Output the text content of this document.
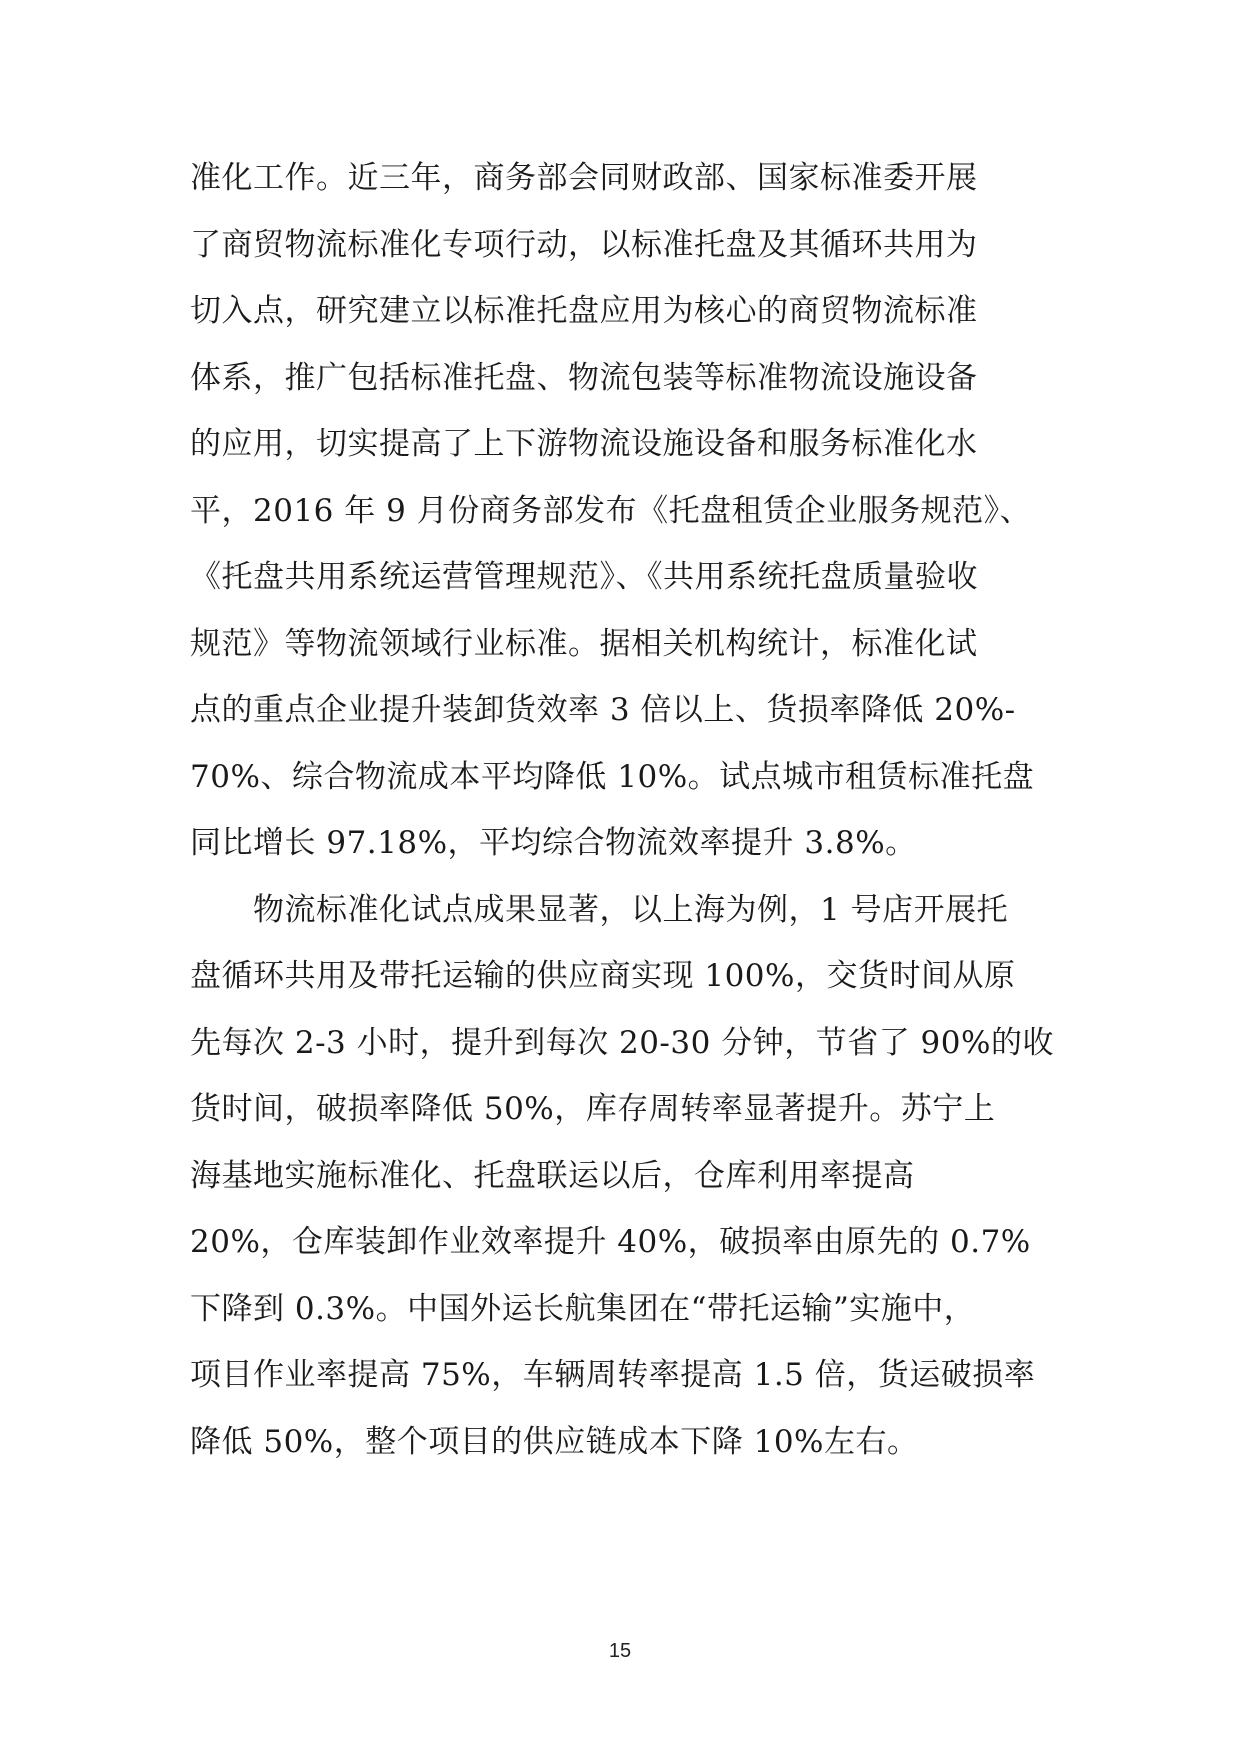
准化工作。近三年，商务部会同财政部、国家标准委开展
了商贸物流标准化专项行动，以标准托盘及其循环共用为
切入点，研究建立以标准托盘应用为核心的商贸物流标准
体系，推广包括标准托盘、物流包装等标准物流设施设备
的应用，切实提高了上下游物流设施设备和服务标准化水
平，2016 年 9 月份商务部发布《托盘租赁企业服务规范》、
《托盘共用系统运营管理规范》、《共用系统托盘质量验收
规范》等物流领域行业标准。据相关机构统计，标准化试
点的重点企业提升装卸货效率 3 倍以上、货损率降低 20%-
70%、综合物流成本平均降低 10%。试点城市租赁标准托盘
同比增长 97.18%，平均综合物流效率提升 3.8%。
　　物流标准化试点成果显著，以上海为例，1 号店开展托
盘循环共用及带托运输的供应商实现 100%，交货时间从原
先每次 2-3 小时，提升到每次 20-30 分钟，节省了 90%的收
货时间，破损率降低 50%，库存周转率显著提升。苏宁上
海基地实施标准化、托盘联运以后，仓库利用率提高
20%，仓库装卸作业效率提升 40%，破损率由原先的 0.7%
下降到 0.3%。中国外运长航集团在“带托运输”实施中，
项目作业率提高 75%，车辆周转率提高 1.5 倍，货运破损率
降低 50%，整个项目的供应链成本下降 10%左右。
15
